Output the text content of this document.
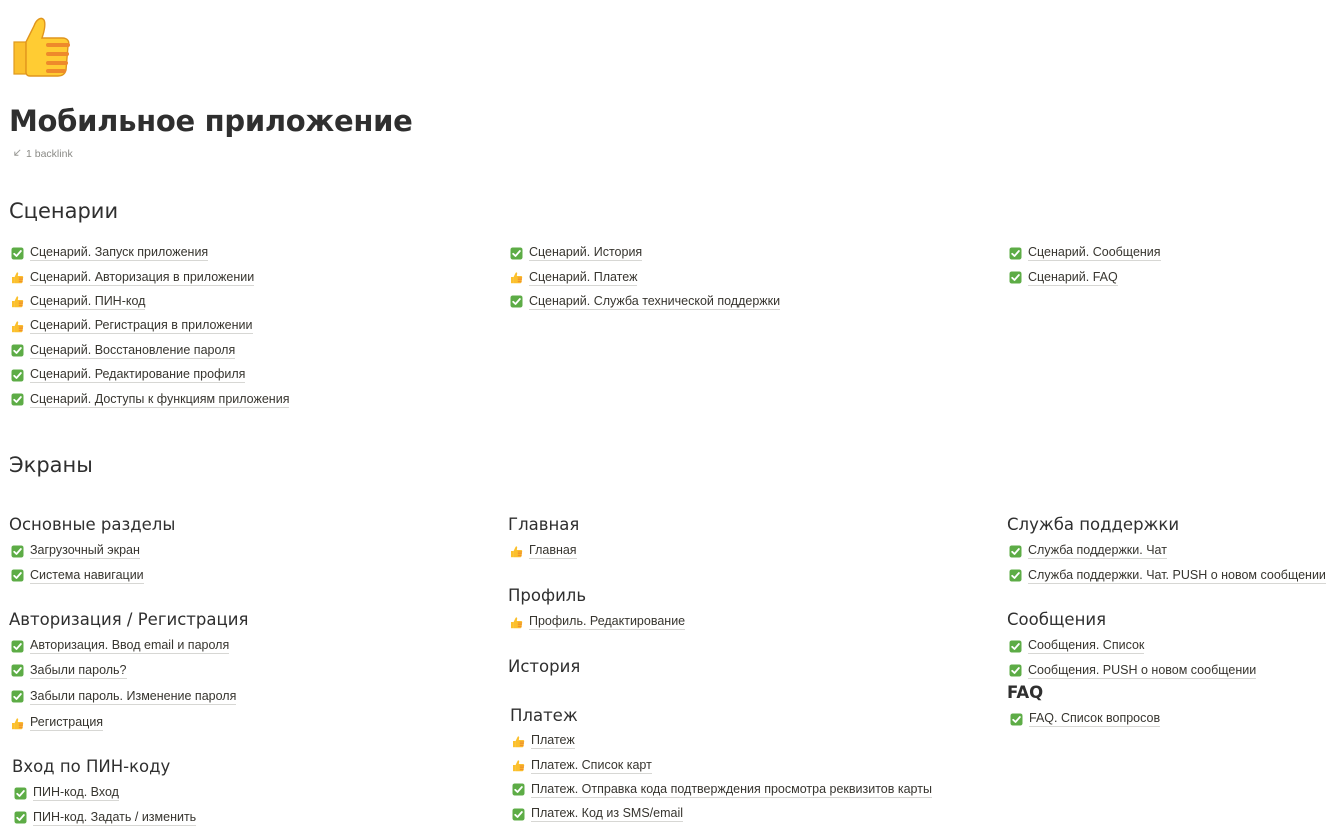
Мобильное приложение
1 backlink
Сценарии
Сценарий. Запуск приложения
Сценарий. Авторизация в приложении
Сценарий. ПИН-код
Сценарий. Регистрация в приложении
Сценарий. Восстановление пароля
Сценарий. Редактирование профиля
Сценарий. Доступы к функциям приложения
Сценарий. История
Сценарий. Платеж
Сценарий. Служба технической поддержки
Сценарий. Сообщения
Сценарий. FAQ
Экраны
Основные разделы
Загрузочный экран
Система навигации
Авторизация / Регистрация
Авторизация. Ввод email и пароля
Забыли пароль?
Забыли пароль. Изменение пароля
Регистрация
Вход по ПИН-коду
ПИН-код. Вход
ПИН-код. Задать / изменить
Главная
Главная
Профиль
Профиль. Редактирование
История
Платеж
Платеж
Платеж. Список карт
Платеж. Отправка кода подтверждения просмотра реквизитов карты
Платеж. Код из SMS/email
Служба поддержки
Служба поддержки. Чат
Служба поддержки. Чат. PUSH о новом сообщении
Сообщения
Сообщения. Список
Сообщения. PUSH о новом сообщении
FAQ
FAQ. Список вопросов
